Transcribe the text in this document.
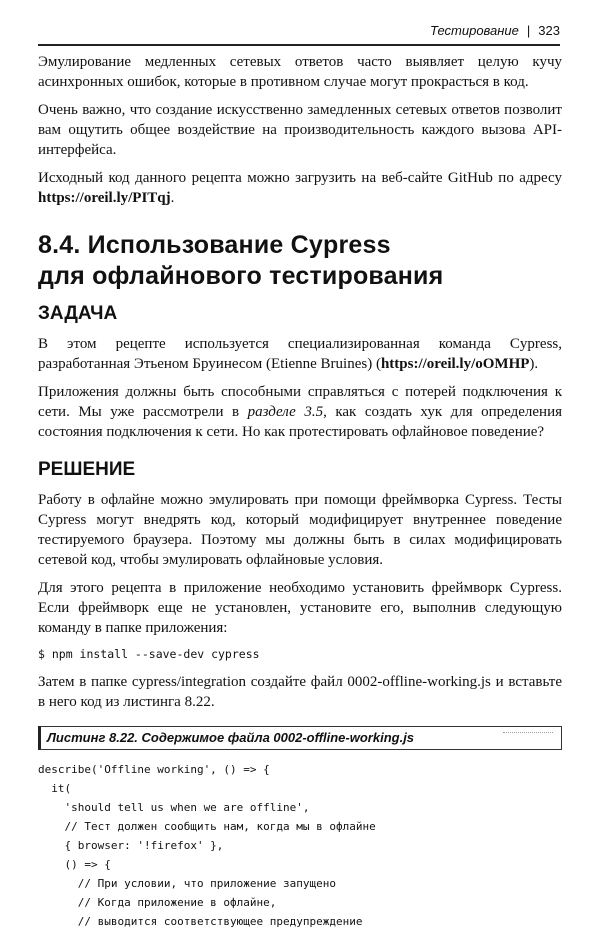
Тестирование | 323

Эмулирование медленных сетевых ответов часто выявляет целую кучу асинхронных ошибок, которые в противном случае могут прокрасться в код.

Очень важно, что создание искусственно замедленных сетевых ответов позволит вам ощутить общее воздействие на производительность каждого вызова API-интерфейса.

Исходный код данного рецепта можно загрузить на веб-сайте GitHub по адресу https://oreil.ly/PITqj.

8.4. Использование Cypress
для офлайнового тестирования
ЗАДАЧА

В этом рецепте используется специализированная команда Cypress, разработанная Этьеном Бруинесом (Etienne Bruines) (https://oreil.ly/oOMHP).

Приложения должны быть способными справляться с потерей подключения к сети. Мы уже рассмотрели в разделе 3.5, как создать хук для определения состояния подключения к сети. Но как протестировать офлайновое поведение?

РЕШЕНИЕ

Работу в офлайне можно эмулировать при помощи фреймворка Cypress. Тесты Cypress могут внедрять код, который модифицирует внутреннее поведение тестируемого браузера. Поэтому мы должны быть в силах модифицировать сетевой код, чтобы эмулировать офлайновые условия.

Для этого рецепта в приложение необходимо установить фреймворк Cypress. Если фреймворк еще не установлен, установите его, выполнив следующую команду в папке приложения:

$ npm install --save-dev cypress

Затем в папке cypress/integration создайте файл 0002-offline-working.js и вставьте в него код из листинга 8.22.

Листинг 8.22. Содержимое файла 0002-offline-working.js
describe('Offline working', () => {
it(
'should tell us when we are offline',
// Тест должен сообщить нам, когда мы в офлайне
{ browser: '!firefox' },
() => {
// При условии, что приложение запущено
// Когда приложение в офлайне,
// выводится соответствующее предупреждение
